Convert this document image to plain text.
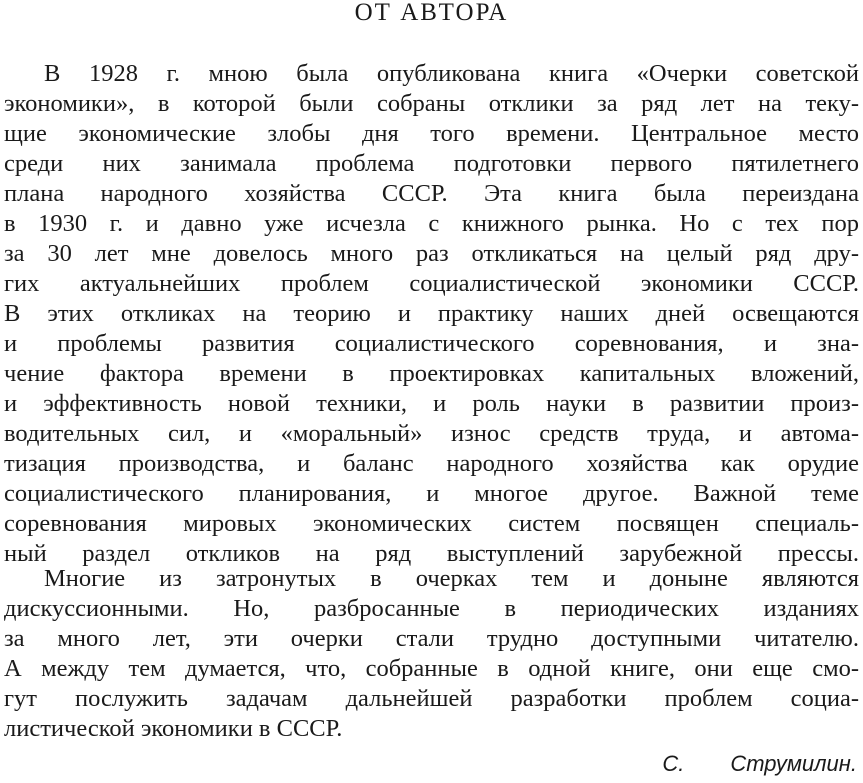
ОТ АВТОРА
В 1928 г. мною была опубликована книга «Очерки советской
экономики», в которой были собраны отклики за ряд лет на теку-
щие экономические злобы дня того времени. Центральное место
среди них занимала проблема подготовки первого пятилетнего
плана народного хозяйства СССР. Эта книга была переиздана
в 1930 г. и давно уже исчезла с книжного рынка. Но с тех пор
за 30 лет мне довелось много раз откликаться на целый ряд дру-
гих актуальнейших проблем социалистической экономики СССР.
В этих откликах на теорию и практику наших дней освещаются
и проблемы развития социалистического соревнования, и зна-
чение фактора времени в проектировках капитальных вложений,
и эффективность новой техники, и роль науки в развитии произ-
водительных сил, и «моральный» износ средств труда, и автома-
тизация производства, и баланс народного хозяйства как орудие
социалистического планирования, и многое другое. Важной теме
соревнования мировых экономических систем посвящен специаль-
ный раздел откликов на ряд выступлений зарубежной прессы.
Многие из затронутых в очерках тем и доныне являются
дискуссионными. Но, разбросанные в периодических изданиях
за много лет, эти очерки стали трудно доступными читателю.
А между тем думается, что, собранные в одной книге, они еще смо-
гут послужить задачам дальнейшей разработки проблем социа-
листической экономики в СССР.
С. Струмилин.
